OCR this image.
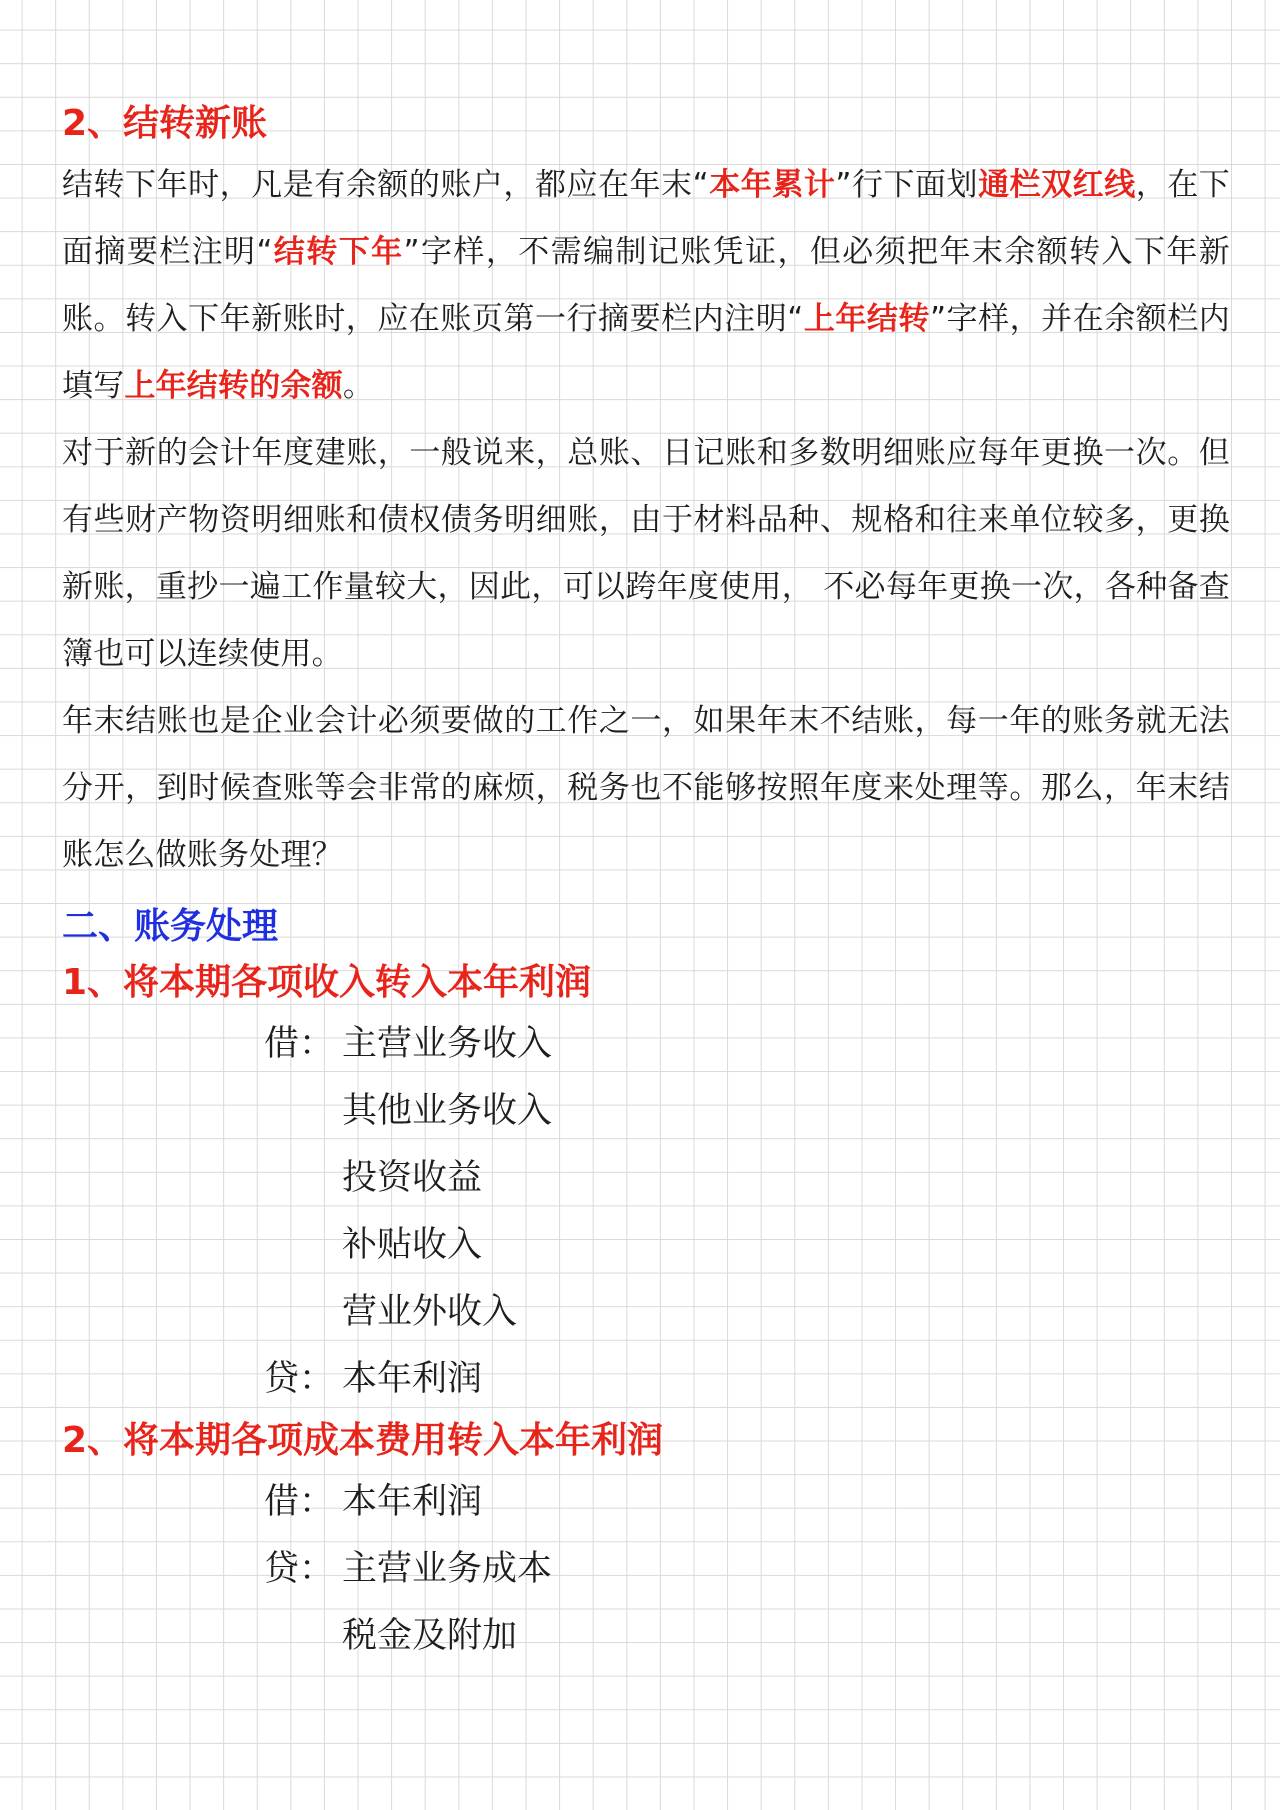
2、结转新账

结转下年时，凡是有余额的账户，都应在年末“本年累计”行下面划通栏双红线，在下面摘要栏注明“结转下年”字样，不需编制记账凭证，但必须把年末余额转入下年新账。转入下年新账时，应在账页第一行摘要栏内注明“上年结转”字样，并在余额栏内填写上年结转的余额。

对于新的会计年度建账，一般说来，总账、日记账和多数明细账应每年更换一次。但有些财产物资明细账和债权债务明细账，由于材料品种、规格和往来单位较多，更换新账，重抄一遍工作量较大，因此，可以跨年度使用， 不必每年更换一次，各种备查簿也可以连续使用。

年末结账也是企业会计必须要做的工作之一，如果年末不结账，每一年的账务就无法分开，到时候查账等会非常的麻烦，税务也不能够按照年度来处理等。那么，年末结账怎么做账务处理？

二、账务处理
1、将本期各项收入转入本年利润
借： 主营业务收入
其他业务收入
投资收益
补贴收入
营业外收入
贷： 本年利润
2、将本期各项成本费用转入本年利润
借： 本年利润
贷： 主营业务成本
税金及附加
